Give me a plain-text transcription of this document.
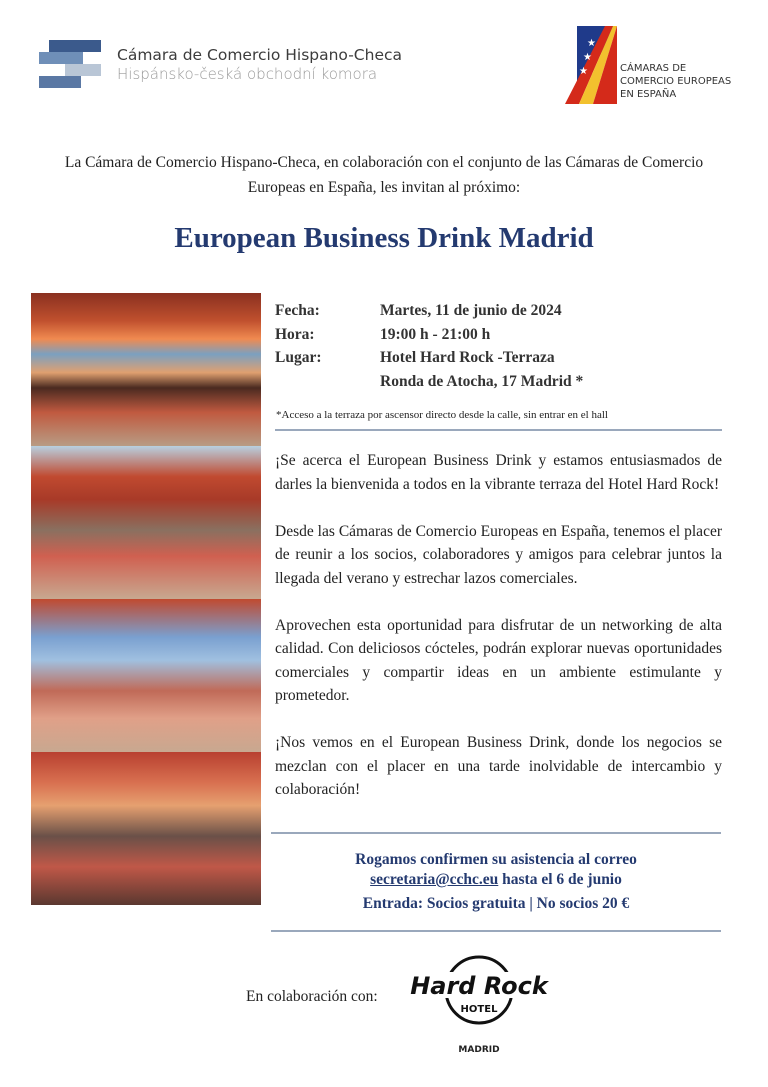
Cámara de Comercio Hispano-Checa
Hispánsko-česká obchodní komora
★
★
★	CÁMARAS DE
COMERCIO EUROPEAS
EN ESPAÑA
La Cámara de Comercio Hispano-Checa, en colaboración con el conjunto de las Cámaras de Comercio Europeas en España, les invitan al próximo:
European Business Drink Madrid
Fecha:	Martes, 11 de junio de 2024
Hora:	19:00 h - 21:00 h
Lugar:	Hotel Hard Rock -Terraza
Ronda de Atocha, 17 Madrid *
*Acceso a la terraza por ascensor directo desde la calle, sin entrar en el hall

¡Se acerca el European Business Drink y estamos entusiasmados de darles la bienvenida a todos en la vibrante terraza del Hotel Hard Rock!

Desde las Cámaras de Comercio Europeas en España, tenemos el placer de reunir a los socios, colaboradores y amigos para celebrar juntos la llegada del verano y estrechar lazos comerciales.

Aprovechen esta oportunidad para disfrutar de un networking de alta calidad. Con deliciosos cócteles, podrán explorar nuevas oportunidades comerciales y compartir ideas en un ambiente estimulante y prometedor.

¡Nos vemos en el European Business Drink, donde los negocios se mezclan con el placer en una tarde inolvidable de intercambio y colaboración!

Rogamos confirmen su asistencia al correo
secretaria@cchc.eu hasta el 6 de junio
Entrada: Socios gratuita | No socios 20 €
En colaboración con: Hard Rock
HOTEL
MADRID
